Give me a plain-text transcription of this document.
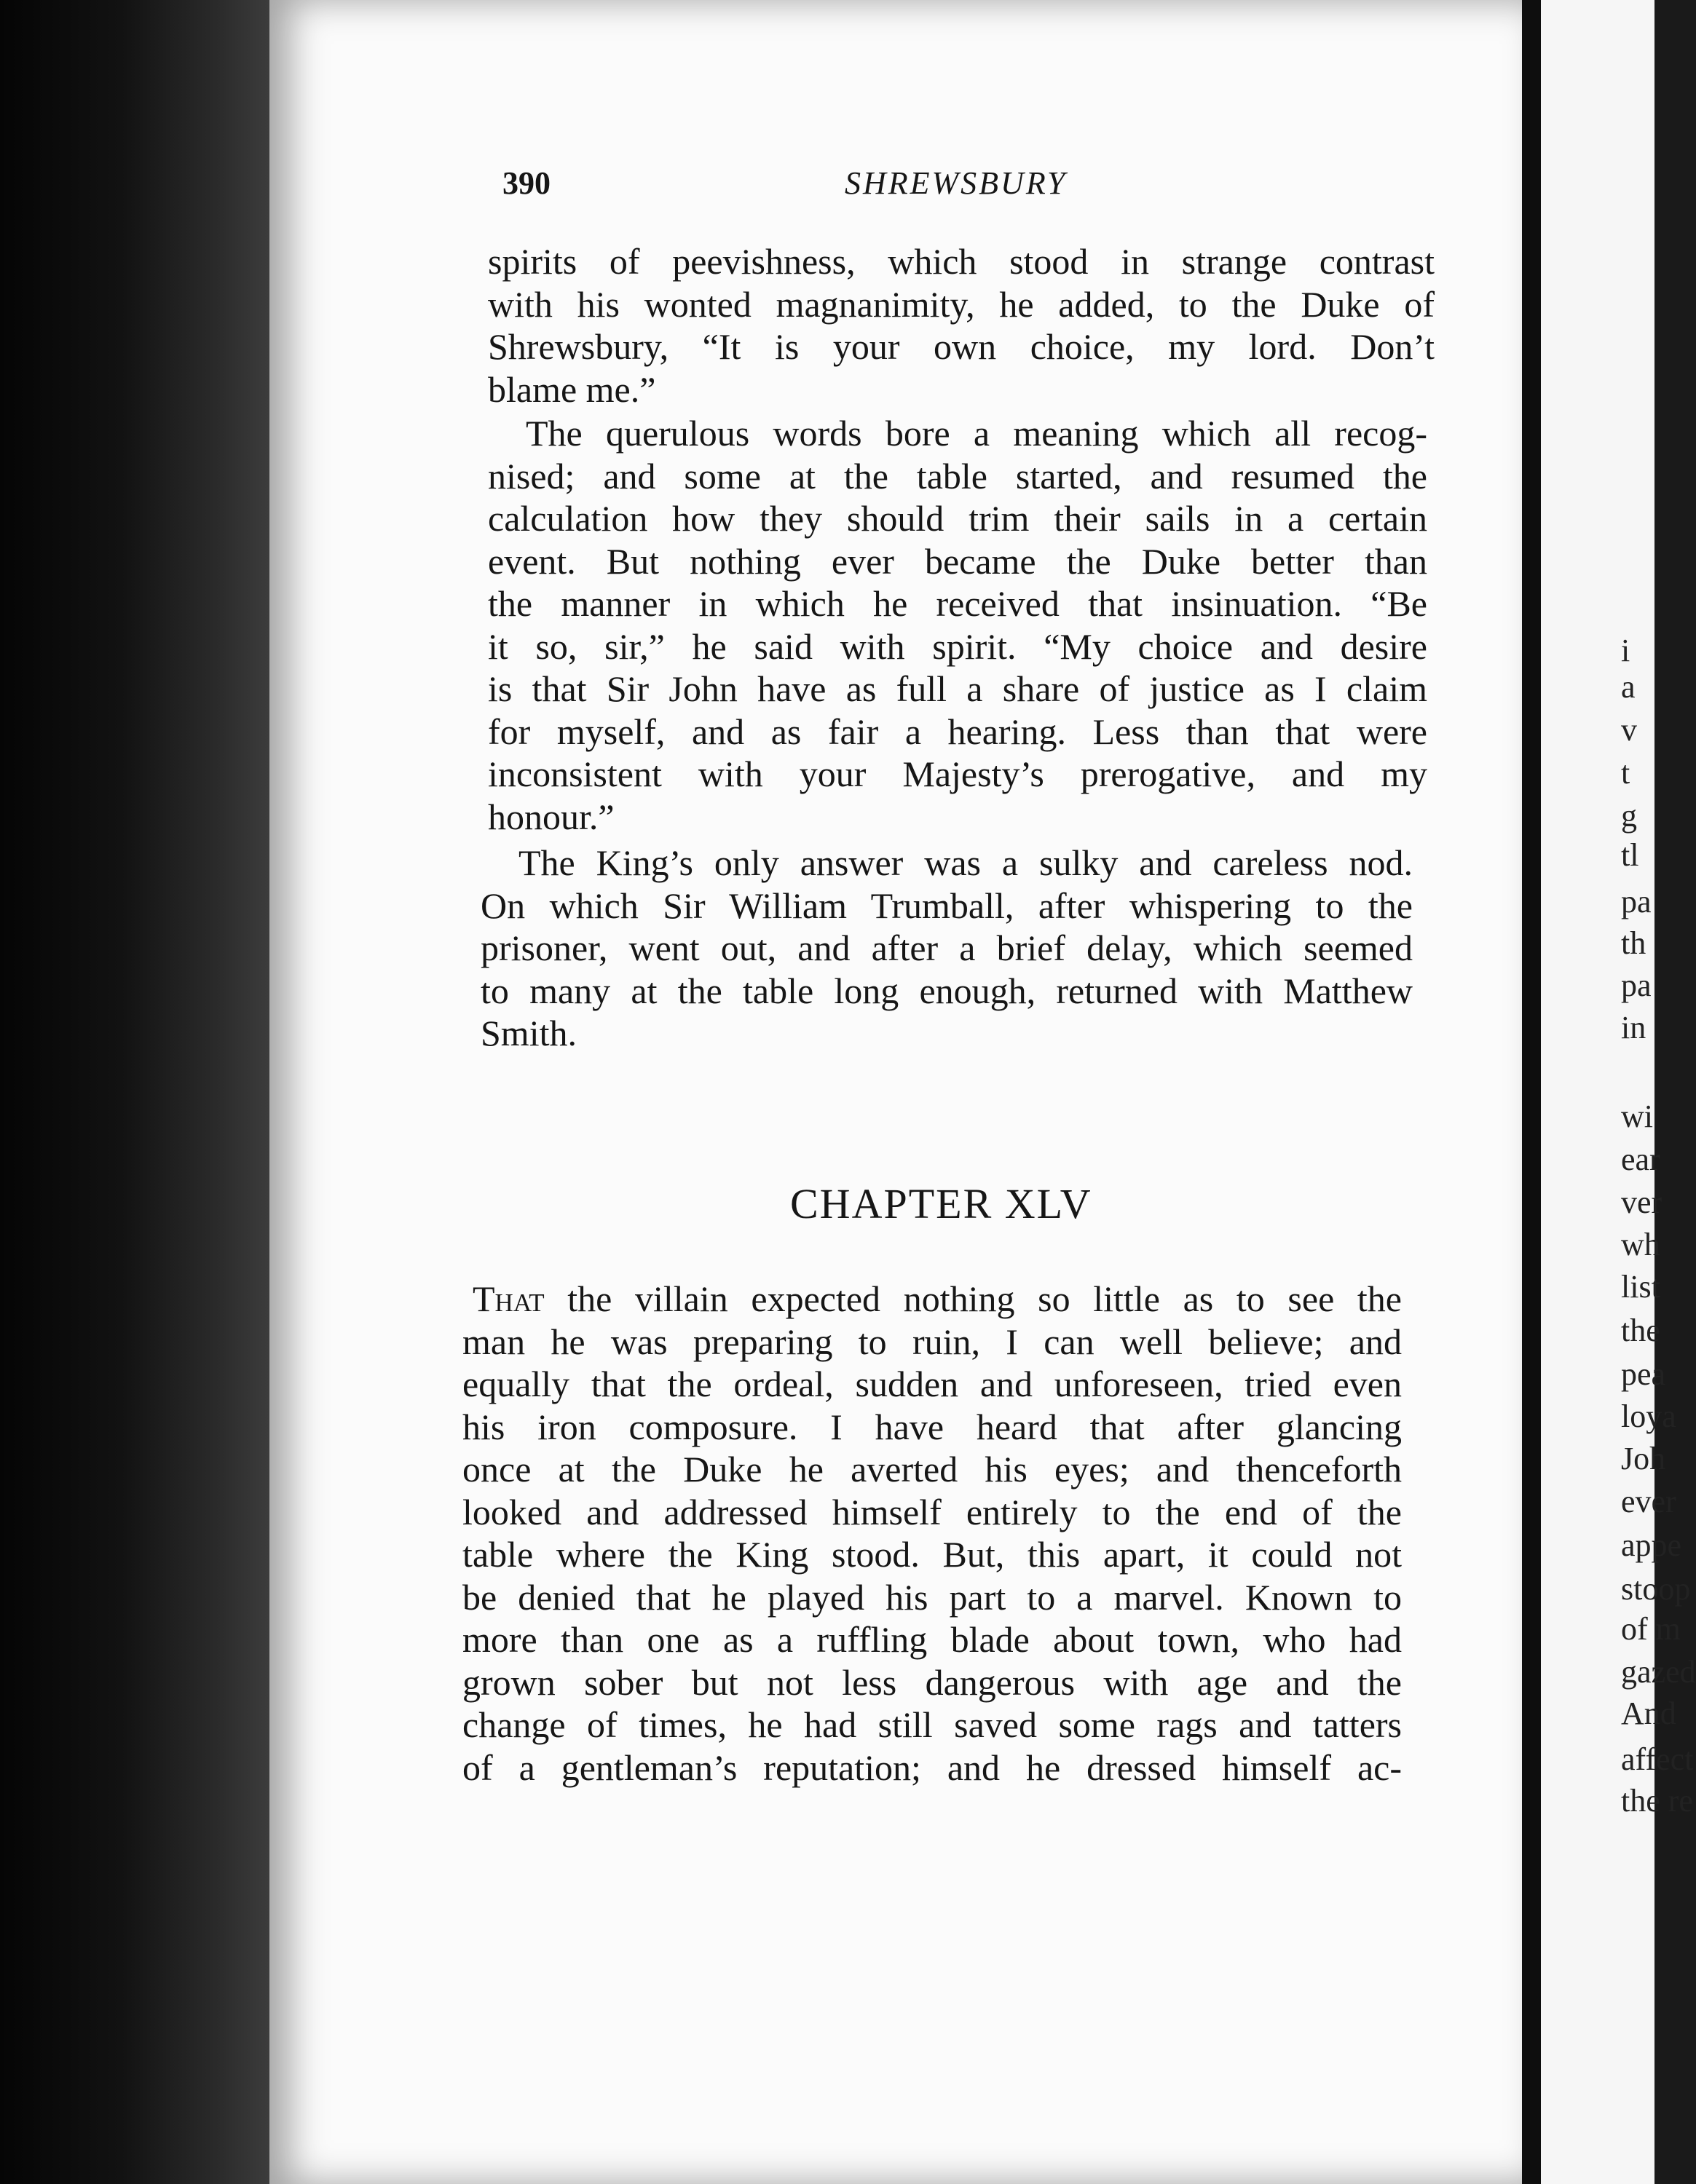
i
a
v
t
g
tl
pa
th
pa
in
wi
ear
ver
wh
list
the
pea
loya
Joh
ever
appe
stoop
of m
gazed
And
affect
the re
390	SHREWSBURY

spirits of peevishness, which stood in strange contrast
with his wonted magnanimity, he added, to the Duke of
Shrewsbury, “It is your own choice, my lord. Don’t
blame me.”

The querulous words bore a meaning which all recog-
nised; and some at the table started, and resumed the
calculation how they should trim their sails in a certain
event. But nothing ever became the Duke better than
the manner in which he received that insinuation. “Be
it so, sir,” he said with spirit. “My choice and desire
is that Sir John have as full a share of justice as I claim
for myself, and as fair a hearing. Less than that were
inconsistent with your Majesty’s prerogative, and my
honour.”

The King’s only answer was a sulky and careless nod.
On which Sir William Trumball, after whispering to the
prisoner, went out, and after a brief delay, which seemed
to many at the table long enough, returned with Matthew
Smith.

CHAPTER XLV

That the villain expected nothing so little as to see the
man he was preparing to ruin, I can well believe; and
equally that the ordeal, sudden and unforeseen, tried even
his iron composure. I have heard that after glancing
once at the Duke he averted his eyes; and thenceforth
looked and addressed himself entirely to the end of the
table where the King stood. But, this apart, it could not
be denied that he played his part to a marvel. Known to
more than one as a ruffling blade about town, who had
grown sober but not less dangerous with age and the
change of times, he had still saved some rags and tatters
of a gentleman’s reputation; and he dressed himself ac-
